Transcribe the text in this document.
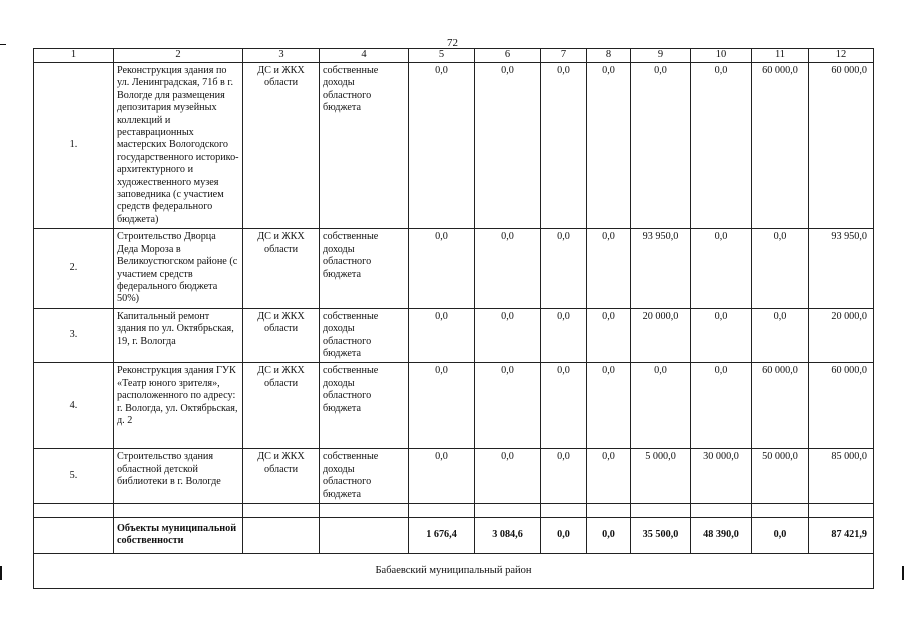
72
1	2	3	4	5	6	7	8	9	10	11	12
1.	Реконструкция здания по ул. Ленинградская, 71б в г. Вологде для размещения депозитария музейных коллекций и реставрационных мастерских Вологодского государственного историко-архитектурного и художественного музея заповедника (с участием средств федерального бюджета)	ДС и ЖКХ области	собственные доходы областного бюджета	0,0	0,0	0,0	0,0	0,0	0,0	60 000,0	60 000,0
2.	Строительство Дворца Деда Мороза в Великоустюгском районе (с участием средств федерального бюджета 50%)	ДС и ЖКХ области	собственные доходы областного бюджета	0,0	0,0	0,0	0,0	93 950,0	0,0	0,0	93 950,0
3.	Капитальный ремонт здания по ул. Октябрьская, 19, г. Вологда	ДС и ЖКХ области	собственные доходы областного бюджета	0,0	0,0	0,0	0,0	20 000,0	0,0	0,0	20 000,0
4.	Реконструкция здания ГУК «Театр юного зрителя», расположенного по адресу: г. Вологда, ул. Октябрьская, д. 2	ДС и ЖКХ области	собственные доходы областного бюджета	0,0	0,0	0,0	0,0	0,0	0,0	60 000,0	60 000,0
5.	Строительство здания областной детской библиотеки в г. Вологде	ДС и ЖКХ области	собственные доходы областного бюджета	0,0	0,0	0,0	0,0	5 000,0	30 000,0	50 000,0	85 000,0

	Объекты муниципальной собственности			1 676,4	3 084,6	0,0	0,0	35 500,0	48 390,0	0,0	87 421,9
Бабаевский муниципальный район											
